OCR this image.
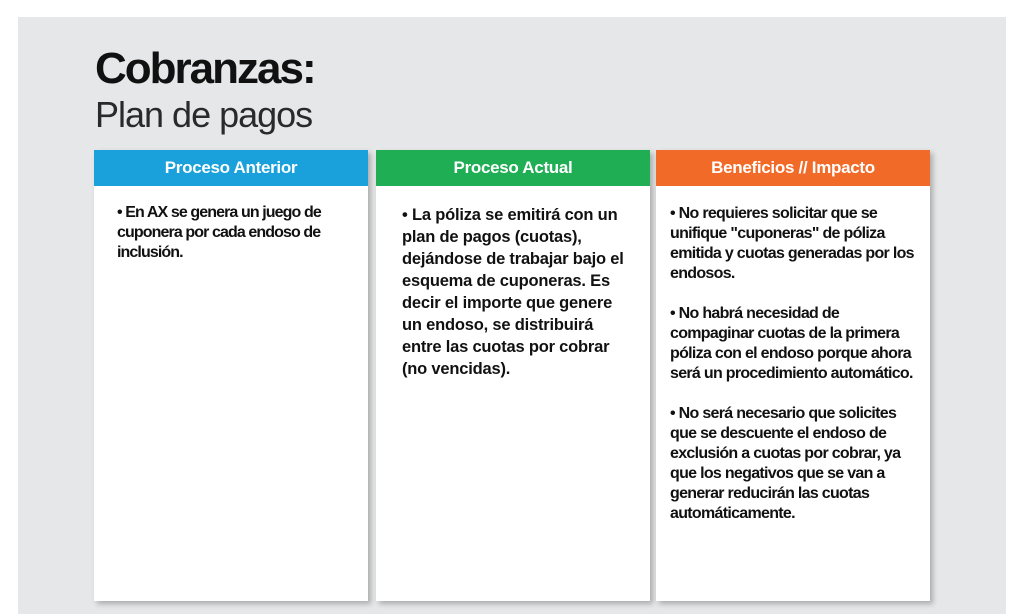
Cobranzas:
Plan de pagos
Proceso Anterior

• En AX se genera un juego de cuponera por cada endoso de inclusión.

Proceso Actual

• La póliza se emitirá con un plan de pagos (cuotas), dejándose de trabajar bajo el esquema de cuponeras. Es decir el importe que genere un endoso, se distribuirá entre las cuotas por cobrar (no vencidas).

Beneficios // Impacto

• No requieres solicitar que se unifique "cuponeras" de póliza emitida y cuotas generadas por los endosos.

• No habrá necesidad de compaginar cuotas de la primera póliza con el endoso porque ahora será un procedimiento automático.

• No será necesario que solicites que se descuente el endoso de exclusión a cuotas por cobrar, ya que los negativos que se van a generar reducirán las cuotas automáticamente.
